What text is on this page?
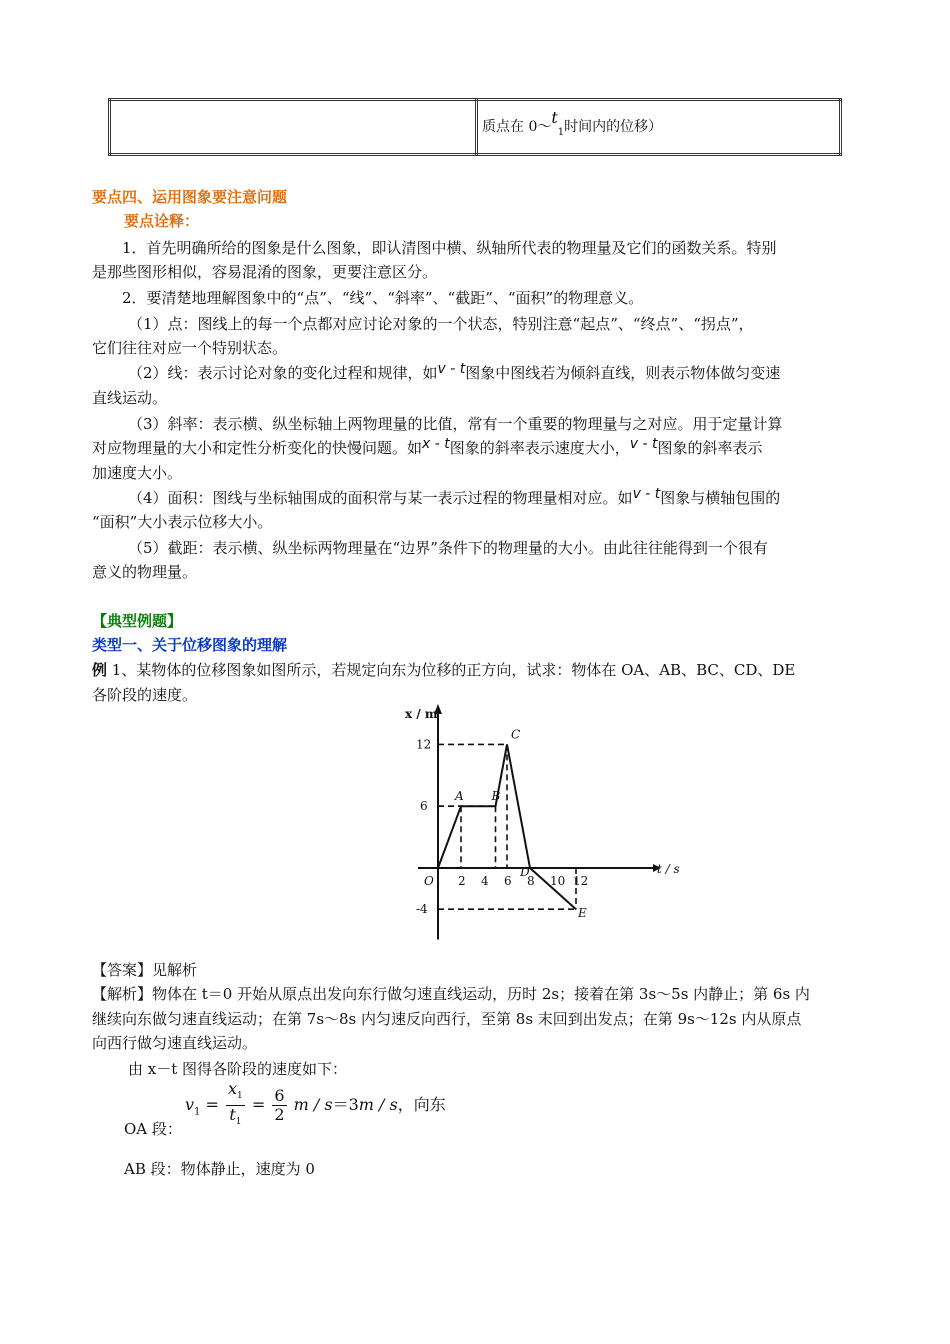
	质点在 $0\sim t_1$时间内的位移）
要点四、运用图象要注意问题
要点诠释：
1．首先明确所给的图象是什么图象，即认清图中横、纵轴所代表的物理量及它们的函数关系。特别
是那些图形相似，容易混淆的图象，更要注意区分。
2．要清楚地理解图象中的“点”、“线”、“斜率”、“截距”、“面积”的物理意义。
（1）点：图线上的每一个点都对应讨论对象的一个状态，特别注意“起点”、“终点”、“拐点”，
它们往往对应一个特别状态。
（2）线：表示讨论对象的变化过程和规律，如v - t图象中图线若为倾斜直线，则表示物体做匀变速
直线运动。
（3）斜率：表示横、纵坐标轴上两物理量的比值，常有一个重要的物理量与之对应。用于定量计算
对应物理量的大小和定性分析变化的快慢问题。如x - t图象的斜率表示速度大小，v - t图象的斜率表示
加速度大小。
（4）面积：图线与坐标轴围成的面积常与某一表示过程的物理量相对应。如v - t图象与横轴包围的
“面积”大小表示位移大小。
（5）截距：表示横、纵坐标两物理量在“边界”条件下的物理量的大小。由此往往能得到一个很有
意义的物理量。
【典型例题】
类型一、关于位移图象的理解
例 1、某物体的位移图象如图所示，若规定向东为位移的正方向，试求：物体在 OA、AB、BC、CD、DE
各阶段的速度。
x / m
t / s
O 2 4 6 8 10 12
12
6
-4
A B
C
D
E
【答案】见解析
【解析】物体在 t＝0 开始从原点出发向东行做匀速直线运动，历时 2s；接着在第 3s～5s 内静止；第 6s 内
继续向东做匀速直线运动；在第 7s～8s 内匀速反向西行，至第 8s 末回到出发点；在第 9s～12s 内从原点
向西行做匀速直线运动。
由 x－t 图得各阶段的速度如下：
$v_1 = \frac{x_1}{t_1} = \frac{6}{2}$ m / s＝3m / s，向东
OA 段：
AB 段：物体静止，速度为 0
